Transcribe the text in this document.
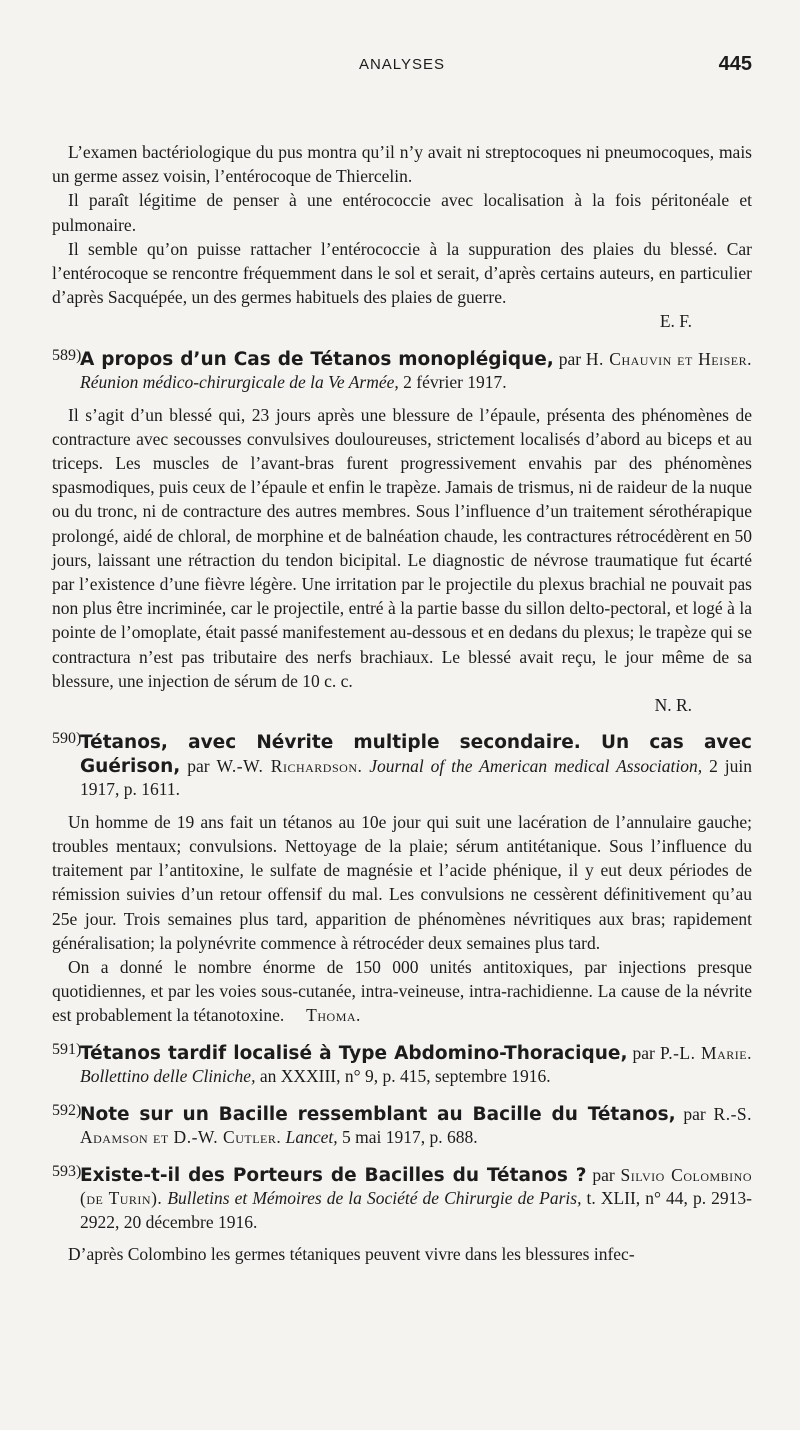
ANALYSES	445

L’examen bactériologique du pus montra qu’il n’y avait ni streptocoques ni pneumocoques, mais un germe assez voisin, l’entérocoque de Thiercelin.

Il paraît légitime de penser à une entérococcie avec localisation à la fois péritonéale et pulmonaire.

Il semble qu’on puisse rattacher l’entérococcie à la suppuration des plaies du blessé. Car l’entérocoque se rencontre fréquemment dans le sol et serait, d’après certains auteurs, en particulier d’après Sacquépée, un des germes habituels des plaies de guerre.

E. F.

589)A propos d’un Cas de Tétanos monoplégique, par H. Chauvin et Heiser. Réunion médico-chirurgicale de la Ve Armée, 2 février 1917.

Il s’agit d’un blessé qui, 23 jours après une blessure de l’épaule, présenta des phénomènes de contracture avec secousses convulsives douloureuses, strictement localisés d’abord au biceps et au triceps. Les muscles de l’avant-bras furent progressivement envahis par des phénomènes spasmodiques, puis ceux de l’épaule et enfin le trapèze. Jamais de trismus, ni de raideur de la nuque ou du tronc, ni de contracture des autres membres. Sous l’influence d’un traitement sérothérapique prolongé, aidé de chloral, de morphine et de balnéation chaude, les contractures rétrocédèrent en 50 jours, laissant une rétraction du tendon bicipital. Le diagnostic de névrose traumatique fut écarté par l’existence d’une fièvre légère. Une irritation par le projectile du plexus brachial ne pouvait pas non plus être incriminée, car le projectile, entré à la partie basse du sillon delto-pectoral, et logé à la pointe de l’omoplate, était passé manifestement au-dessous et en dedans du plexus; le trapèze qui se contractura n’est pas tributaire des nerfs brachiaux. Le blessé avait reçu, le jour même de sa blessure, une injection de sérum de 10 c. c.

N. R.

590)Tétanos, avec Névrite multiple secondaire. Un cas avec Guérison, par W.-W. Richardson. Journal of the American medical Association, 2 juin 1917, p. 1611.

Un homme de 19 ans fait un tétanos au 10e jour qui suit une lacération de l’annulaire gauche; troubles mentaux; convulsions. Nettoyage de la plaie; sérum antitétanique. Sous l’influence du traitement par l’antitoxine, le sulfate de magnésie et l’acide phénique, il y eut deux périodes de rémission suivies d’un retour offensif du mal. Les convulsions ne cessèrent définitivement qu’au 25e jour. Trois semaines plus tard, apparition de phénomènes névritiques aux bras; rapidement généralisation; la polynévrite commence à rétrocéder deux semaines plus tard.

On a donné le nombre énorme de 150 000 unités antitoxiques, par injections presque quotidiennes, et par les voies sous-cutanée, intra-veineuse, intra-rachidienne. La cause de la névrite est probablement la tétanotoxine. Thoma.

591)Tétanos tardif localisé à Type Abdomino-Thoracique, par P.-L. Marie. Bollettino delle Cliniche, an XXXIII, n° 9, p. 415, septembre 1916.

592)Note sur un Bacille ressemblant au Bacille du Tétanos, par R.-S. Adamson et D.-W. Cutler. Lancet, 5 mai 1917, p. 688.

593)Existe-t-il des Porteurs de Bacilles du Tétanos ? par Silvio Colombino (de Turin). Bulletins et Mémoires de la Société de Chirurgie de Paris, t. XLII, n° 44, p. 2913-2922, 20 décembre 1916.

D’après Colombino les germes tétaniques peuvent vivre dans les blessures infec-
